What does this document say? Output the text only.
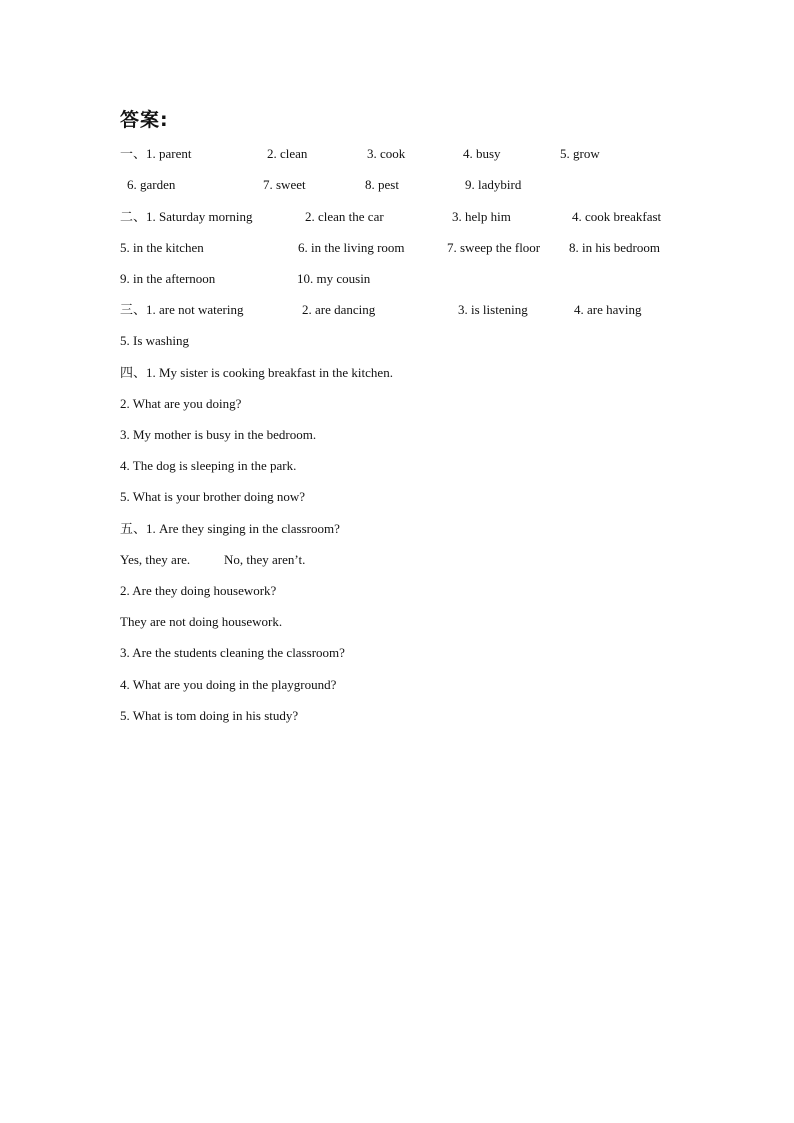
答案:
一、1. parent	2. clean	3. cook	4. busy	5. grow
6. garden	7. sweet	8. pest	9. ladybird
二、1. Saturday morning	2. clean the car	3. help him	4. cook breakfast
5. in the kitchen	6. in the living room	7. sweep the floor 8. in his bedroom
9. in the afternoon	10. my cousin
三、1. are not watering	2. are dancing	3. is listening	4. are having
5. Is washing
四、1. My sister is cooking breakfast in the kitchen.
2. What are you doing?
3. My mother is busy in the bedroom.
4. The dog is sleeping in the park.
5. What is your brother doing now?
五、1. Are they singing in the classroom?
Yes, they are.	No, they aren’t.
2. Are they doing housework?
They are not doing housework.
3. Are the students cleaning the classroom?
4. What are you doing in the playground?
5. What is tom doing in his study?
